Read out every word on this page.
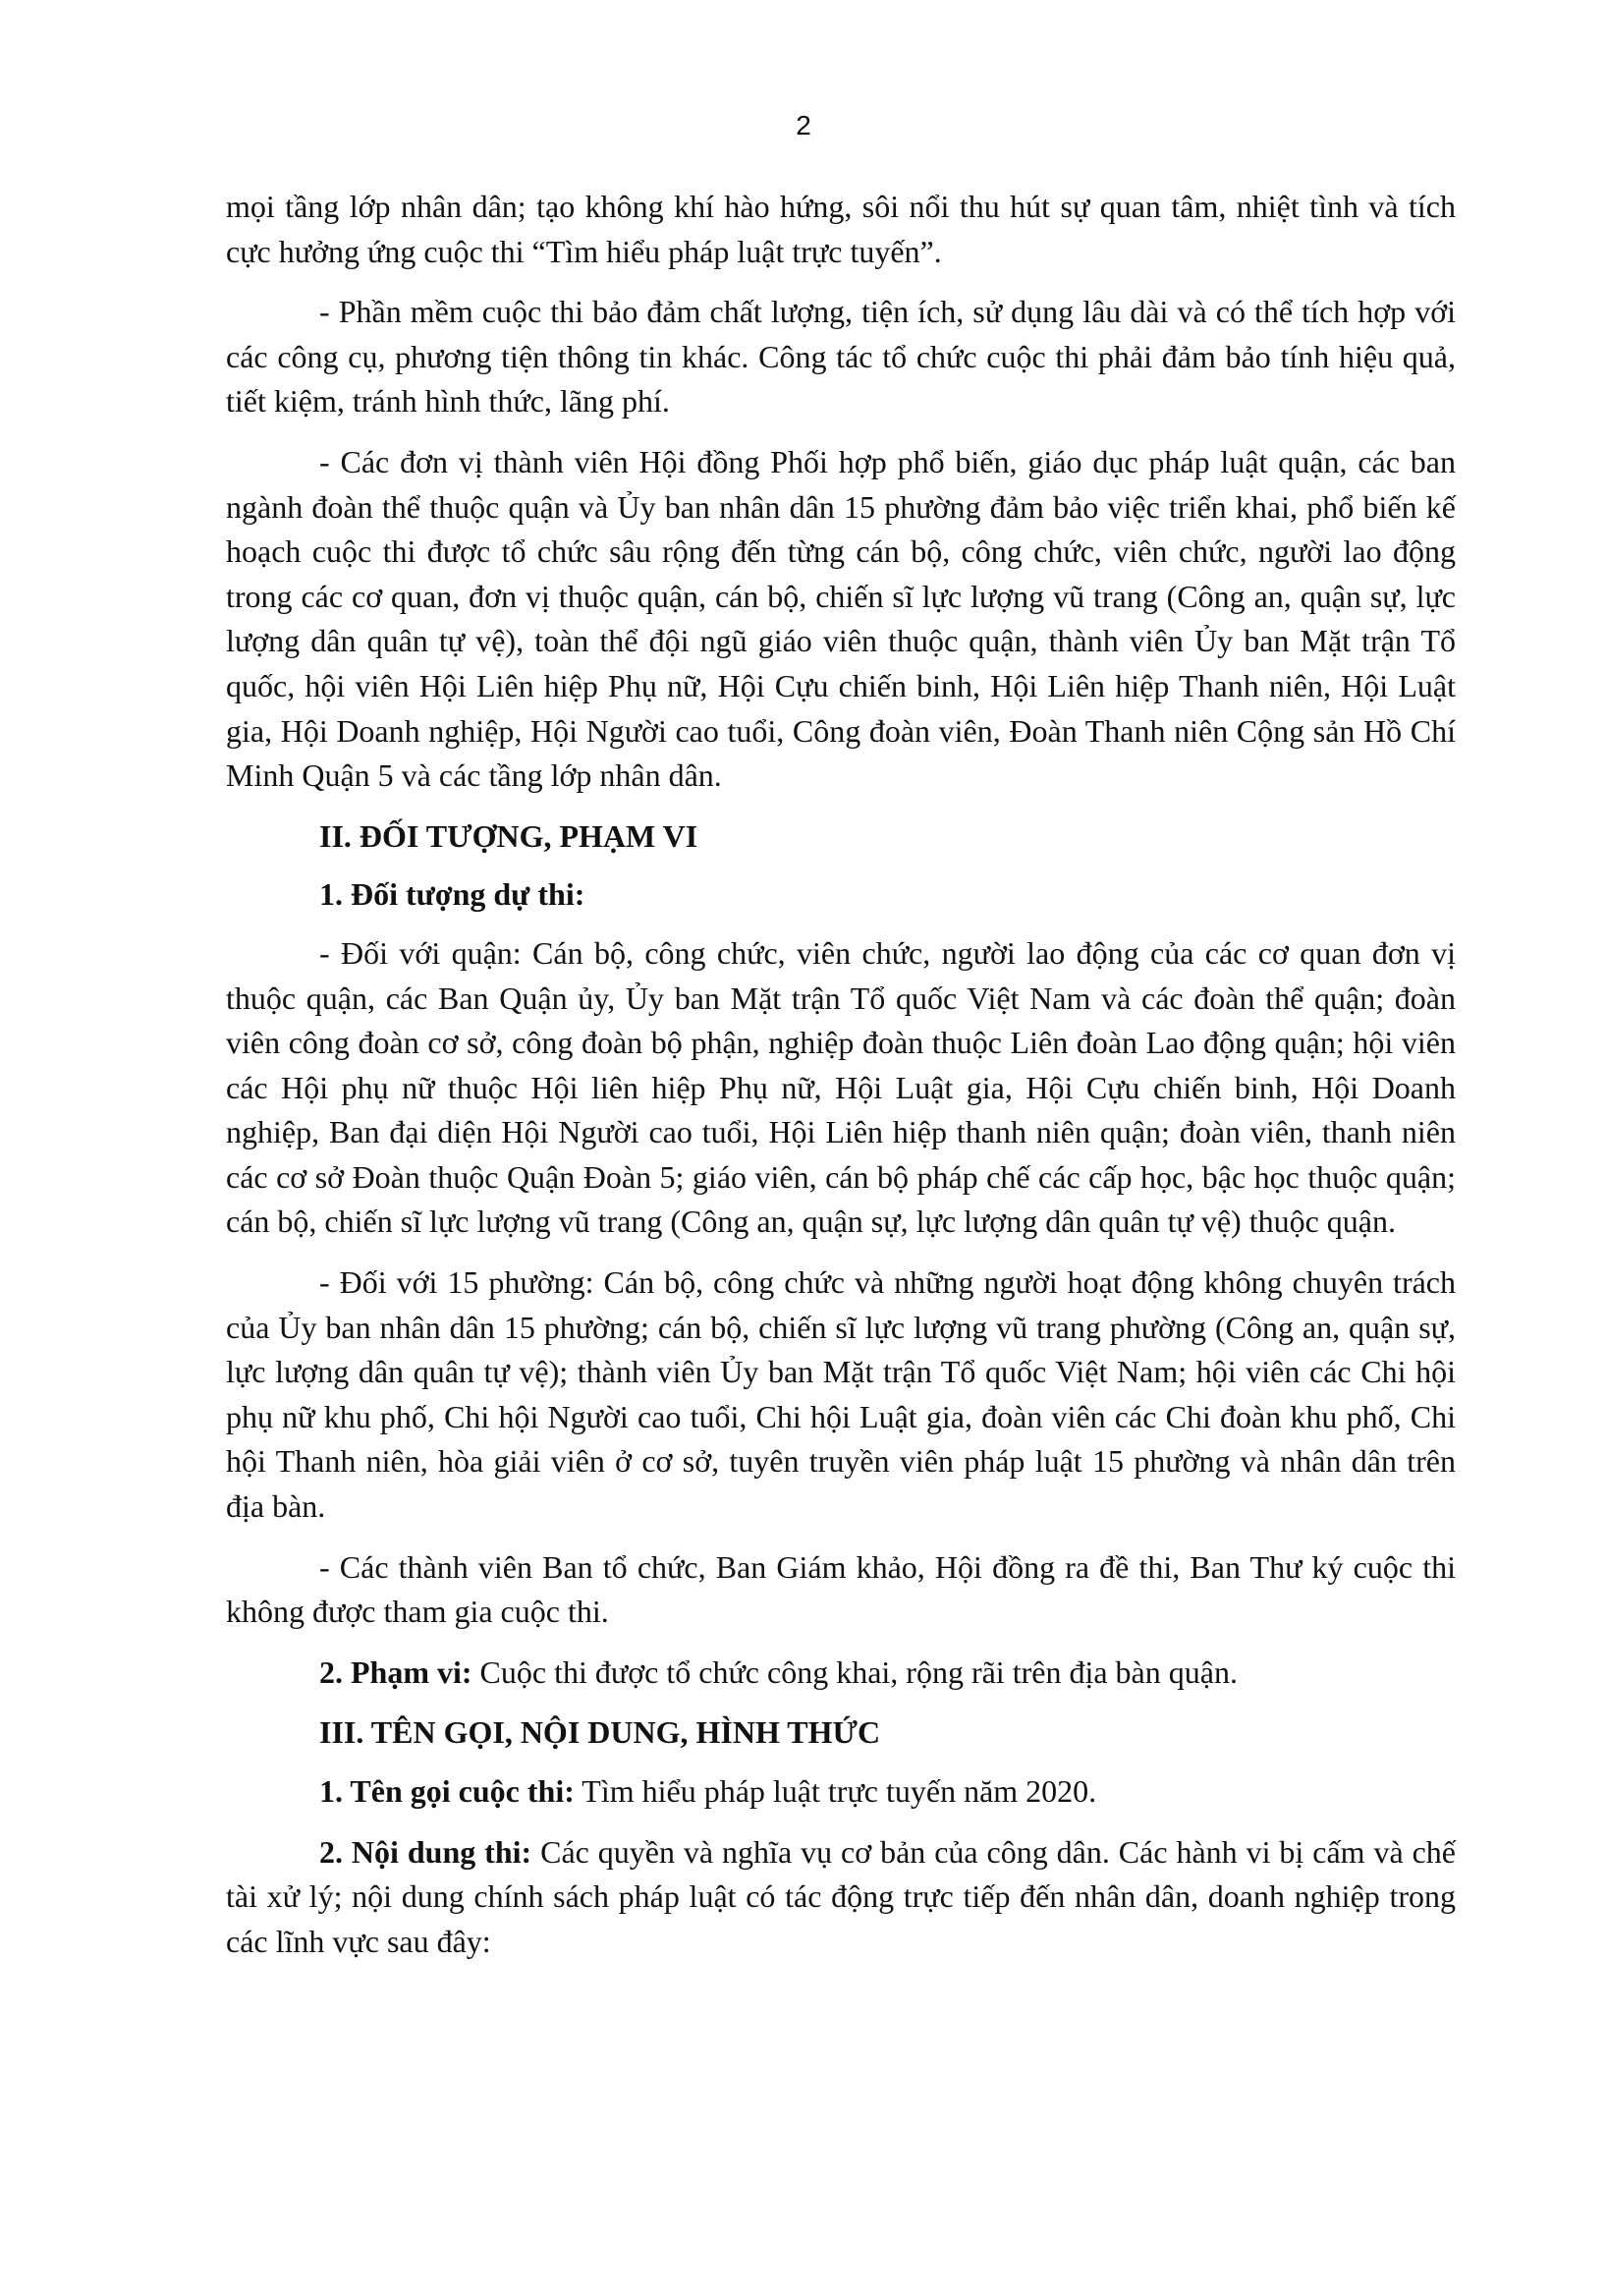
2

mọi tầng lớp nhân dân; tạo không khí hào hứng, sôi nổi thu hút sự quan tâm, nhiệt tình và tích cực hưởng ứng cuộc thi “Tìm hiểu pháp luật trực tuyến”.

- Phần mềm cuộc thi bảo đảm chất lượng, tiện ích, sử dụng lâu dài và có thể tích hợp với các công cụ, phương tiện thông tin khác. Công tác tổ chức cuộc thi phải đảm bảo tính hiệu quả, tiết kiệm, tránh hình thức, lãng phí.

- Các đơn vị thành viên Hội đồng Phối hợp phổ biến, giáo dục pháp luật quận, các ban ngành đoàn thể thuộc quận và Ủy ban nhân dân 15 phường đảm bảo việc triển khai, phổ biến kế hoạch cuộc thi được tổ chức sâu rộng đến từng cán bộ, công chức, viên chức, người lao động trong các cơ quan, đơn vị thuộc quận, cán bộ, chiến sĩ lực lượng vũ trang (Công an, quận sự, lực lượng dân quân tự vệ), toàn thể đội ngũ giáo viên thuộc quận, thành viên Ủy ban Mặt trận Tổ quốc, hội viên Hội Liên hiệp Phụ nữ, Hội Cựu chiến binh, Hội Liên hiệp Thanh niên, Hội Luật gia, Hội Doanh nghiệp, Hội Người cao tuổi, Công đoàn viên, Đoàn Thanh niên Cộng sản Hồ Chí Minh Quận 5 và các tầng lớp nhân dân.

II. ĐỐI TƯỢNG, PHẠM VI
1. Đối tượng dự thi:

- Đối với quận: Cán bộ, công chức, viên chức, người lao động của các cơ quan đơn vị thuộc quận, các Ban Quận ủy, Ủy ban Mặt trận Tổ quốc Việt Nam và các đoàn thể quận; đoàn viên công đoàn cơ sở, công đoàn bộ phận, nghiệp đoàn thuộc Liên đoàn Lao động quận; hội viên các Hội phụ nữ thuộc Hội liên hiệp Phụ nữ, Hội Luật gia, Hội Cựu chiến binh, Hội Doanh nghiệp, Ban đại diện Hội Người cao tuổi, Hội Liên hiệp thanh niên quận; đoàn viên, thanh niên các cơ sở Đoàn thuộc Quận Đoàn 5; giáo viên, cán bộ pháp chế các cấp học, bậc học thuộc quận; cán bộ, chiến sĩ lực lượng vũ trang (Công an, quận sự, lực lượng dân quân tự vệ) thuộc quận.

- Đối với 15 phường: Cán bộ, công chức và những người hoạt động không chuyên trách của Ủy ban nhân dân 15 phường; cán bộ, chiến sĩ lực lượng vũ trang phường (Công an, quận sự, lực lượng dân quân tự vệ); thành viên Ủy ban Mặt trận Tổ quốc Việt Nam; hội viên các Chi hội phụ nữ khu phố, Chi hội Người cao tuổi, Chi hội Luật gia, đoàn viên các Chi đoàn khu phố, Chi hội Thanh niên, hòa giải viên ở cơ sở, tuyên truyền viên pháp luật 15 phường và nhân dân trên địa bàn.

- Các thành viên Ban tổ chức, Ban Giám khảo, Hội đồng ra đề thi, Ban Thư ký cuộc thi không được tham gia cuộc thi.

2. Phạm vi: Cuộc thi được tổ chức công khai, rộng rãi trên địa bàn quận.

III. TÊN GỌI, NỘI DUNG, HÌNH THỨC

1. Tên gọi cuộc thi: Tìm hiểu pháp luật trực tuyến năm 2020.

2. Nội dung thi: Các quyền và nghĩa vụ cơ bản của công dân. Các hành vi bị cấm và chế tài xử lý; nội dung chính sách pháp luật có tác động trực tiếp đến nhân dân, doanh nghiệp trong các lĩnh vực sau đây:
